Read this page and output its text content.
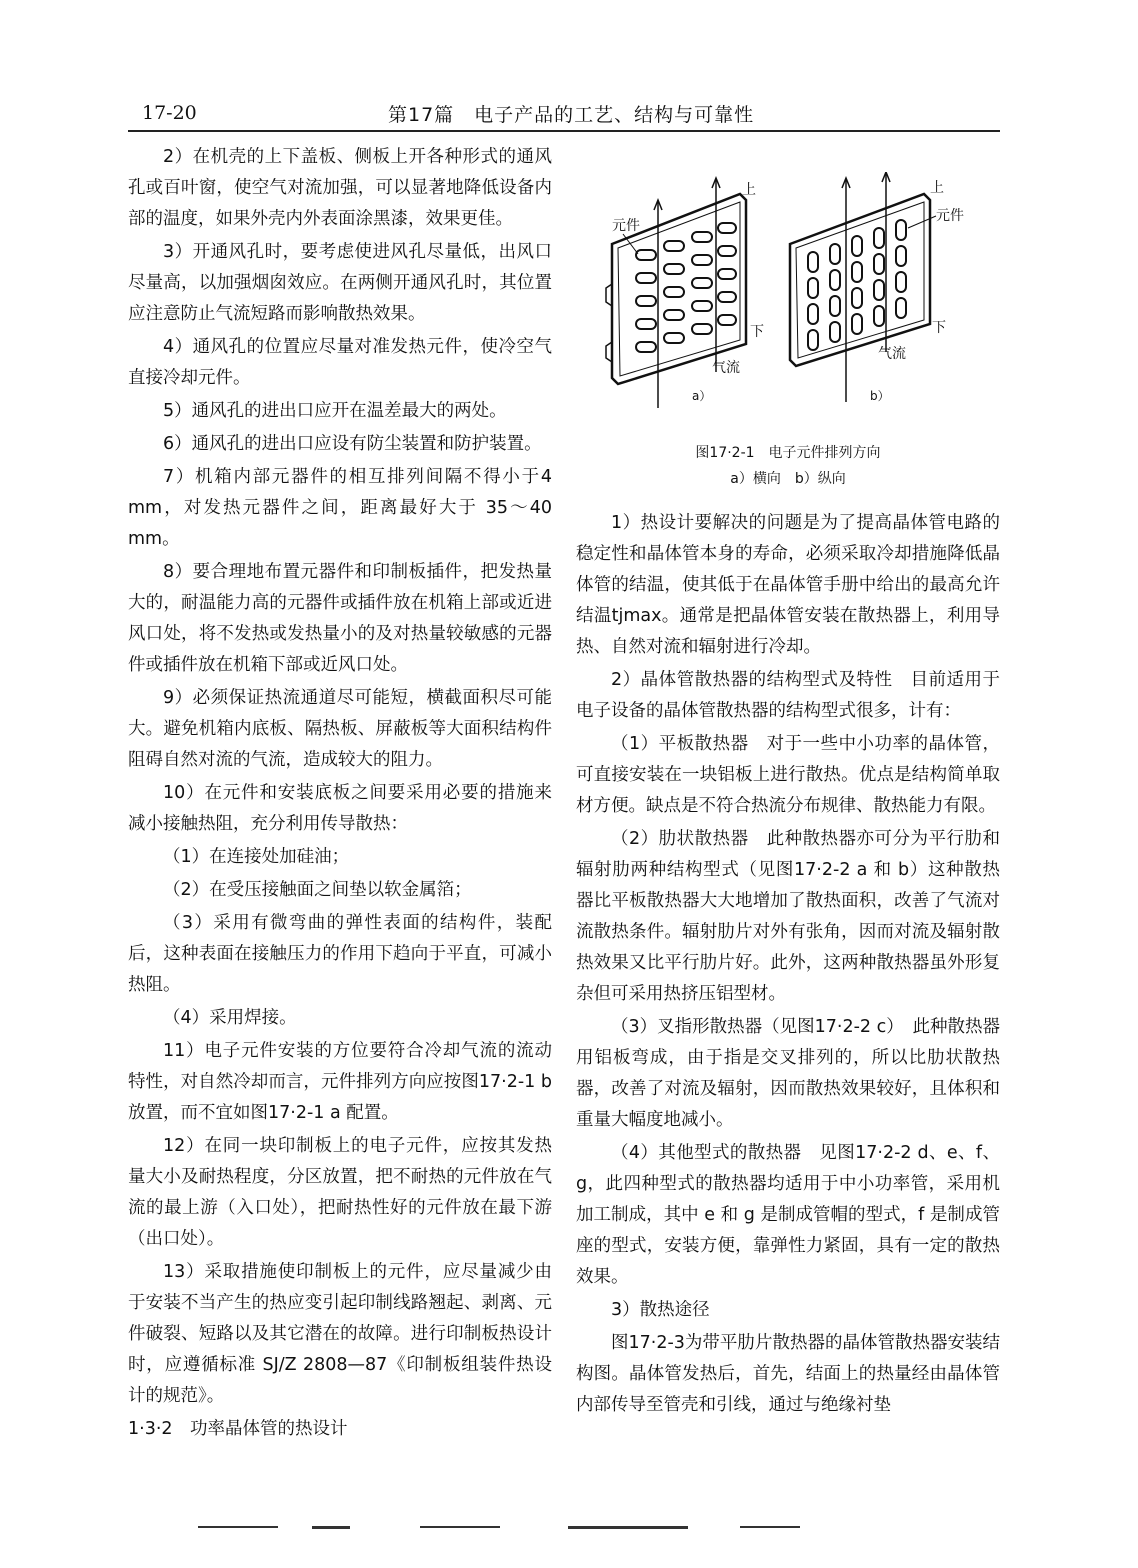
17-20	第17篇　电子产品的工艺、结构与可靠性

2）在机壳的上下盖板、侧板上开各种形式的通风孔或百叶窗，使空气对流加强，可以显著地降低设备内部的温度，如果外壳内外表面涂黑漆，效果更佳。

3）开通风孔时，要考虑使进风孔尽量低，出风口尽量高，以加强烟囱效应。在两侧开通风孔时，其位置应注意防止气流短路而影响散热效果。

4）通风孔的位置应尽量对准发热元件，使冷空气直接冷却元件。

5）通风孔的进出口应开在温差最大的两处。

6）通风孔的进出口应设有防尘装置和防护装置。

7）机箱内部元器件的相互排列间隔不得小于4 mm，对发热元器件之间，距离最好大于 35～40 mm。

8）要合理地布置元器件和印制板插件，把发热量大的，耐温能力高的元器件或插件放在机箱上部或近进风口处，将不发热或发热量小的及对热量较敏感的元器件或插件放在机箱下部或近风口处。

9）必须保证热流通道尽可能短，横截面积尽可能大。避免机箱内底板、隔热板、屏蔽板等大面积结构件阻碍自然对流的气流，造成较大的阻力。

10）在元件和安装底板之间要采用必要的措施来减小接触热阻，充分利用传导散热：

（1）在连接处加硅油；

（2）在受压接触面之间垫以软金属箔；

（3）采用有微弯曲的弹性表面的结构件，装配后，这种表面在接触压力的作用下趋向于平直，可减小热阻。

（4）采用焊接。

11）电子元件安装的方位要符合冷却气流的流动特性，对自然冷却而言，元件排列方向应按图17·2-1 b 放置，而不宜如图17·2-1 a 配置。

12）在同一块印制板上的电子元件，应按其发热量大小及耐热程度，分区放置，把不耐热的元件放在气流的最上游（入口处），把耐热性好的元件放在最下游（出口处）。

13）采取措施使印制板上的元件，应尽量减少由于安装不当产生的热应变引起印制线路翘起、剥离、元件破裂、短路以及其它潜在的故障。进行印制板热设计时，应遵循标准 SJ/Z 2808—87《印制板组装件热设计的规范》。

1·3·2　功率晶体管的热设计

元件
上
下
气流
a）
元件
上
下
气流
b）
图17·2-1　电子元件排列方向
a）横向　b）纵向

1）热设计要解决的问题是为了提高晶体管电路的稳定性和晶体管本身的寿命，必须采取冷却措施降低晶体管的结温，使其低于在晶体管手册中给出的最高允许结温tjmax。通常是把晶体管安装在散热器上，利用导热、自然对流和辐射进行冷却。

2）晶体管散热器的结构型式及特性　目前适用于电子设备的晶体管散热器的结构型式很多，计有：

（1）平板散热器　对于一些中小功率的晶体管，可直接安装在一块铝板上进行散热。优点是结构简单取材方便。缺点是不符合热流分布规律、散热能力有限。

（2）肋状散热器　此种散热器亦可分为平行肋和辐射肋两种结构型式（见图17·2-2 a 和 b）这种散热器比平板散热器大大地增加了散热面积，改善了气流对流散热条件。辐射肋片对外有张角，因而对流及辐射散热效果又比平行肋片好。此外，这两种散热器虽外形复杂但可采用热挤压铝型材。

（3）叉指形散热器（见图17·2-2 c）　此种散热器用铝板弯成，由于指是交叉排列的，所以比肋状散热器，改善了对流及辐射，因而散热效果较好，且体积和重量大幅度地减小。

（4）其他型式的散热器　见图17·2-2 d、e、f、g，此四种型式的散热器均适用于中小功率管，采用机加工制成，其中 e 和 g 是制成管帽的型式，f 是制成管座的型式，安装方便，靠弹性力紧固，具有一定的散热效果。

3）散热途径

图17·2-3为带平肋片散热器的晶体管散热器安装结构图。晶体管发热后，首先，结面上的热量经由晶体管内部传导至管壳和引线，通过与绝缘衬垫
